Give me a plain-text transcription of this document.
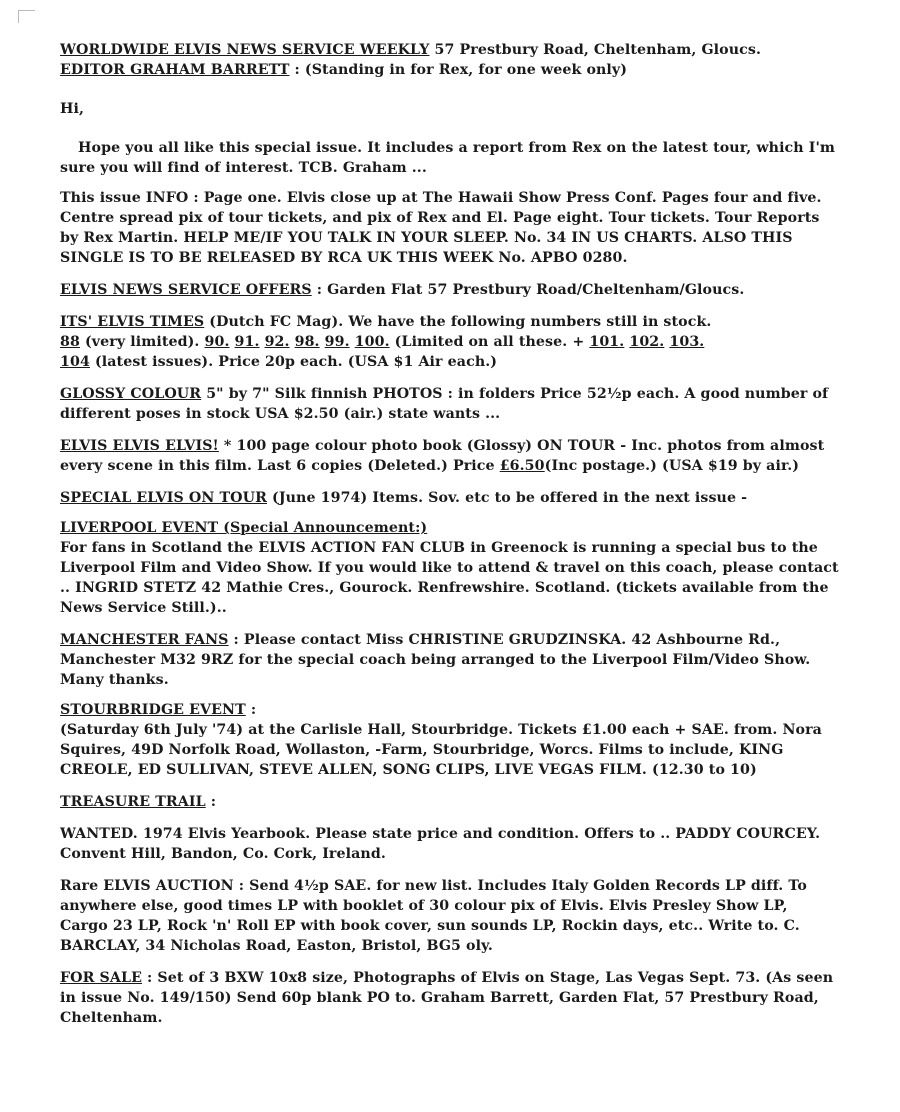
WORLDWIDE ELVIS NEWS SERVICE WEEKLY 57 Prestbury Road, Cheltenham, Gloucs.

EDITOR GRAHAM BARRETT : (Standing in for Rex, for one week only)

Hi,

Hope you all like this special issue. It includes a report from Rex on the latest tour, which I'm sure you will find of interest. TCB. Graham ...

This issue INFO : Page one. Elvis close up at The Hawaii Show Press Conf. Pages four and five. Centre spread pix of tour tickets, and pix of Rex and El. Page eight. Tour tickets. Tour Reports by Rex Martin. HELP ME/IF YOU TALK IN YOUR SLEEP. No. 34 IN US CHARTS. ALSO THIS SINGLE IS TO BE RELEASED BY RCA UK THIS WEEK No. APBO 0280.

ELVIS NEWS SERVICE OFFERS : Garden Flat 57 Prestbury Road/Cheltenham/Gloucs.

ITS' ELVIS TIMES (Dutch FC Mag). We have the following numbers still in stock.
88 (very limited). 90. 91. 92. 98. 99. 100. (Limited on all these. + 101. 102. 103.
104 (latest issues). Price 20p each. (USA $1 Air each.)

GLOSSY COLOUR 5" by 7" Silk finnish PHOTOS : in folders Price 52½p each. A good number of different poses in stock USA $2.50 (air.) state wants ...

ELVIS ELVIS ELVIS! * 100 page colour photo book (Glossy) ON TOUR - Inc. photos from almost every scene in this film. Last 6 copies (Deleted.) Price £6.50(Inc postage.) (USA $19 by air.)

SPECIAL ELVIS ON TOUR (June 1974) Items. Sov. etc to be offered in the next issue -

LIVERPOOL EVENT (Special Announcement:)

For fans in Scotland the ELVIS ACTION FAN CLUB in Greenock is running a special bus to the Liverpool Film and Video Show. If you would like to attend & travel on this coach, please contact .. INGRID STETZ 42 Mathie Cres., Gourock. Renfrewshire. Scotland. (tickets available from the News Service Still.)..

MANCHESTER FANS : Please contact Miss CHRISTINE GRUDZINSKA. 42 Ashbourne Rd., Manchester M32 9RZ for the special coach being arranged to the Liverpool Film/Video Show. Many thanks.

STOURBRIDGE EVENT :

(Saturday 6th July '74) at the Carlisle Hall, Stourbridge. Tickets £1.00 each + SAE. from. Nora Squires, 49D Norfolk Road, Wollaston, -Farm, Stourbridge, Worcs. Films to include, KING CREOLE, ED SULLIVAN, STEVE ALLEN, SONG CLIPS, LIVE VEGAS FILM. (12.30 to 10)

TREASURE TRAIL :

WANTED. 1974 Elvis Yearbook. Please state price and condition. Offers to .. PADDY COURCEY. Convent Hill, Bandon, Co. Cork, Ireland.

Rare ELVIS AUCTION : Send 4½p SAE. for new list. Includes Italy Golden Records LP diff. To anywhere else, good times LP with booklet of 30 colour pix of Elvis. Elvis Presley Show LP, Cargo 23 LP, Rock 'n' Roll EP with book cover, sun sounds LP, Rockin days, etc.. Write to. C. BARCLAY, 34 Nicholas Road, Easton, Bristol, BG5 oly.

FOR SALE : Set of 3 BXW 10x8 size, Photographs of Elvis on Stage, Las Vegas Sept. 73. (As seen in issue No. 149/150) Send 60p blank PO to. Graham Barrett, Garden Flat, 57 Prestbury Road, Cheltenham.
